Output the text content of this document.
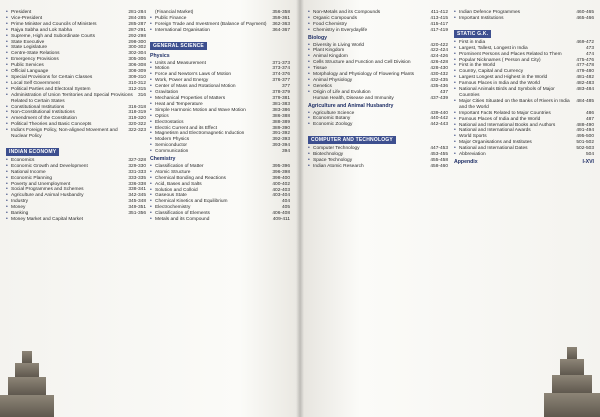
• President	281-284
• Vice-President	284-285
• Prime Minister and Councils of Ministers	285-287
• Rajya Sabha and Lok Sabha	287-291
• Supreme, High and Subordinate Courts	292-298
• State Executive	298-300
• State Legislature	300-302
• Centre-State Relations	302-304
• Emergency Provisions	305-306
• Public Services	306-308
• Official Language	308-309
• Special Provisions for Certain Classes	309-310
• Local Self Government	310-312
• Political Parties and Electoral System	312-315
• Administration of Union Territories and Special Provisions Related to Certain States
316
• Constitutional Institutions	316-318
• Non-Constitutional Institutions	318-319
• Amendment of the Constitution	319-320
• Political Theories and Basic Concepts	320-322
• India's Foreign Policy, Non-aligned Movement and Nuclear Policy
322-323
INDIAN ECONOMY

• Economics	327-328
• Economic Growth and Development	329-330
• National Income	331-333
• Economic Planning	333-335
• Poverty and Unemployment	336-338
• Social Programmes and Schemes	338-341
• Agriculture and Animal Husbandry	342-345
• Industry	345-348
• Money	349-351
• Banking	351-356
• Money Market and Capital Market
(Financial Market)	356-358
• Public Finance	359-361
• Foreign Trade and Investment (Balance of Payment)	362-363
• International Organisation	364-367
GENERAL SCIENCE

Physics
• Units and Measurement	371-373
• Motion	373-374
• Force and Newton's Laws of Motion	374-376
• Work, Power and Energy	376-377
• Center of Mass and Rotational Motion	377
• Gravitation	378-379
• Mechanical Properties of Matters	379-381
• Heat and Temperature	381-383
• Simple Harmonic Motion and Wave Motion	383-386
• Optics	386-388
• Electrostatics	388-389
• Electric Current and its Effect	389-390
• Magnetism and Electromagnetic Induction	391-392
• Modern Physics	392-393
• Semiconductor	393-394
• Communication	394
Chemistry
• Classification of Matter	395-396
• Atomic Structure	396-398
• Chemical Bonding and Reactions	398-400
• Acid, Bases and Salts	400-402
• Solution and Colloid	402-403
• Gaseous State	403-404
• Chemical Kinetics and Equilibrium	404
• Electrochemistry	405
• Classification of Elements	406-408
• Metals and its Compound	409-411
• Non-Metals and its Compounds	411-412
• Organic Compounds	413-415
• Food Chemistry	415-417
• Chemistry in Everydaylife	417-419
Biology
• Diversity in Living World	420-422
• Plant Kingdom	422-424
• Animal Kingdom	424-426
• Cells Structure and Function and Cell Division	426-428
• Tissue	428-430
• Morphology and Physiology of Flowering Plants	430-432
• Animal Physiology	432-435
• Genetics	435-436
• Origin of Life and Evolution	437
Human Health, Disease and Immunity	437-439
Agriculture and Animal Husbandry
• Agriculture Science	439-440
• Economic Botany	440-442
• Economic Zoology	442-443
COMPUTER AND TECHNOLOGY

• Computer Technology	447-453
• Biotechnology	453-455
• Space Technology	455-458
• Indian Atomic Research	458-460
• Indian Defence Programmes	460-465
• Important Institutions	465-466
STATIC G.K.

• First in India	469-472
• Largest, Tallest, Longest in India	473
• Prominent Persons and Places Related to Them	474
• Popular Nicknames ( Person and City)	475-476
• First in the World	477-478
• Country, Capital and Currency	479-480
• Largest Longest and Highest in the World	481-482
• Famous Places in India and the World	482-483
• National Animals Birds and Symbols of Major Countries
483-484
• Major Cities Situated on the Banks of Rivers in India and the World
484-485
• Important Facts Related to Major Countries	486
• Famous Places of India and the World	487
• National and International Books and Authors	488-490
• National and International Awards	491-494
• World Sports	495-500
• Major Organisations and Institutes	501-502
• National and International Dates	502-503
• Abbreviation	504
Appendix	I-XVI
